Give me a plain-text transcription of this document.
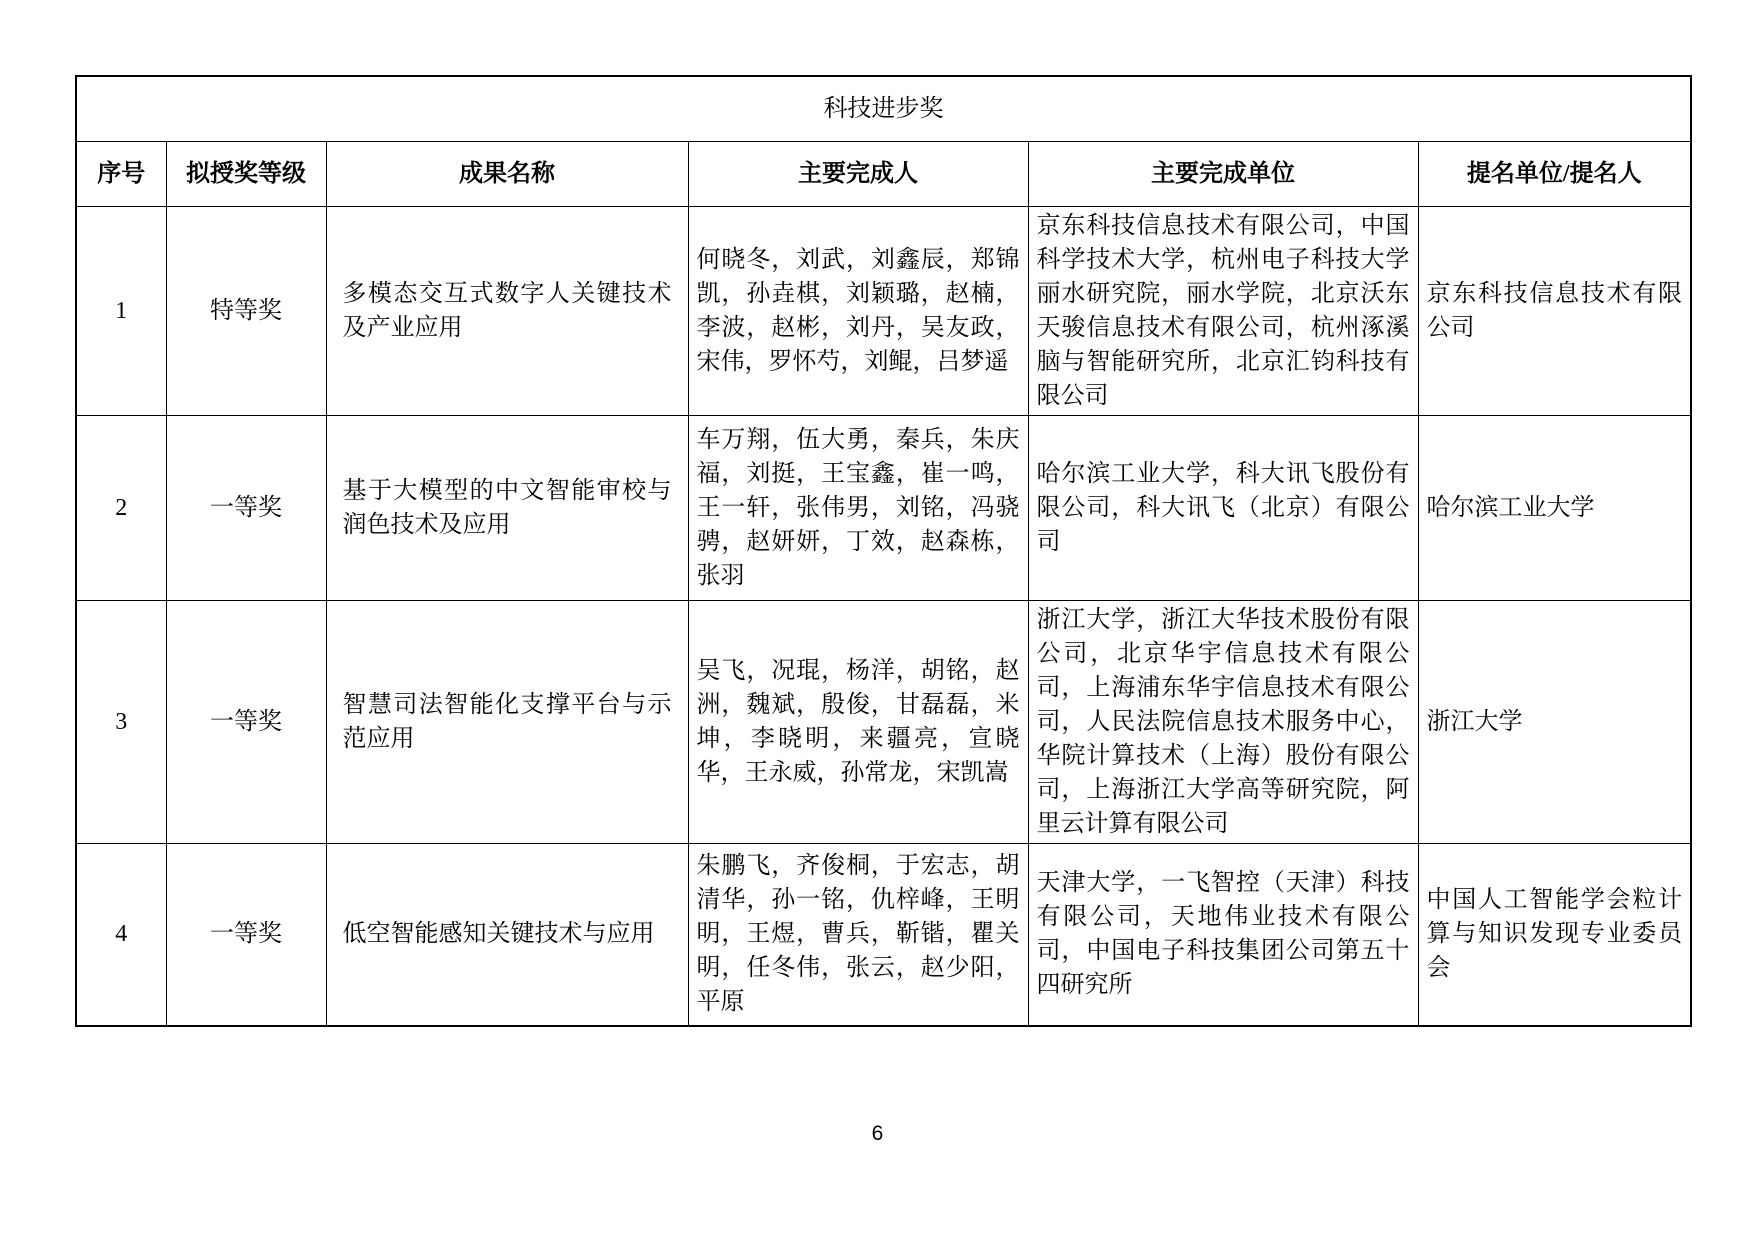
科技进步奖					
序号	拟授奖等级	成果名称	主要完成人	主要完成单位	提名单位/提名人
1	特等奖	多模态交互式数字人关键技术及产业应用	何晓冬，刘武，刘鑫辰，郑锦凯，孙垚棋，刘颖璐，赵楠，李波，赵彬，刘丹，吴友政，宋伟，罗怀芍，刘鲲，吕梦遥	京东科技信息技术有限公司，中国科学技术大学，杭州电子科技大学丽水研究院，丽水学院，北京沃东天骏信息技术有限公司，杭州涿溪脑与智能研究所，北京汇钧科技有限公司	京东科技信息技术有限公司
2	一等奖	基于大模型的中文智能审校与润色技术及应用	车万翔，伍大勇，秦兵，朱庆福，刘挺，王宝鑫，崔一鸣，王一轩，张伟男，刘铭，冯骁骋，赵妍妍，丁效，赵森栋，张羽	哈尔滨工业大学，科大讯飞股份有限公司，科大讯飞（北京）有限公司	哈尔滨工业大学
3	一等奖	智慧司法智能化支撑平台与示范应用	吴飞，况琨，杨洋，胡铭，赵洲，魏斌，殷俊，甘磊磊，米坤，李晓明，来疆亮，宣晓华，王永威，孙常龙，宋凯嵩	浙江大学，浙江大华技术股份有限公司，北京华宇信息技术有限公司，上海浦东华宇信息技术有限公司，人民法院信息技术服务中心，华院计算技术（上海）股份有限公司，上海浙江大学高等研究院，阿里云计算有限公司	浙江大学
4	一等奖	低空智能感知关键技术与应用	朱鹏飞，齐俊桐，于宏志，胡清华，孙一铭，仇梓峰，王明明，王煜，曹兵，靳锴，瞿关明，任冬伟，张云，赵少阳，平原	天津大学，一飞智控（天津）科技有限公司，天地伟业技术有限公司，中国电子科技集团公司第五十四研究所	中国人工智能学会粒计算与知识发现专业委员会
6
